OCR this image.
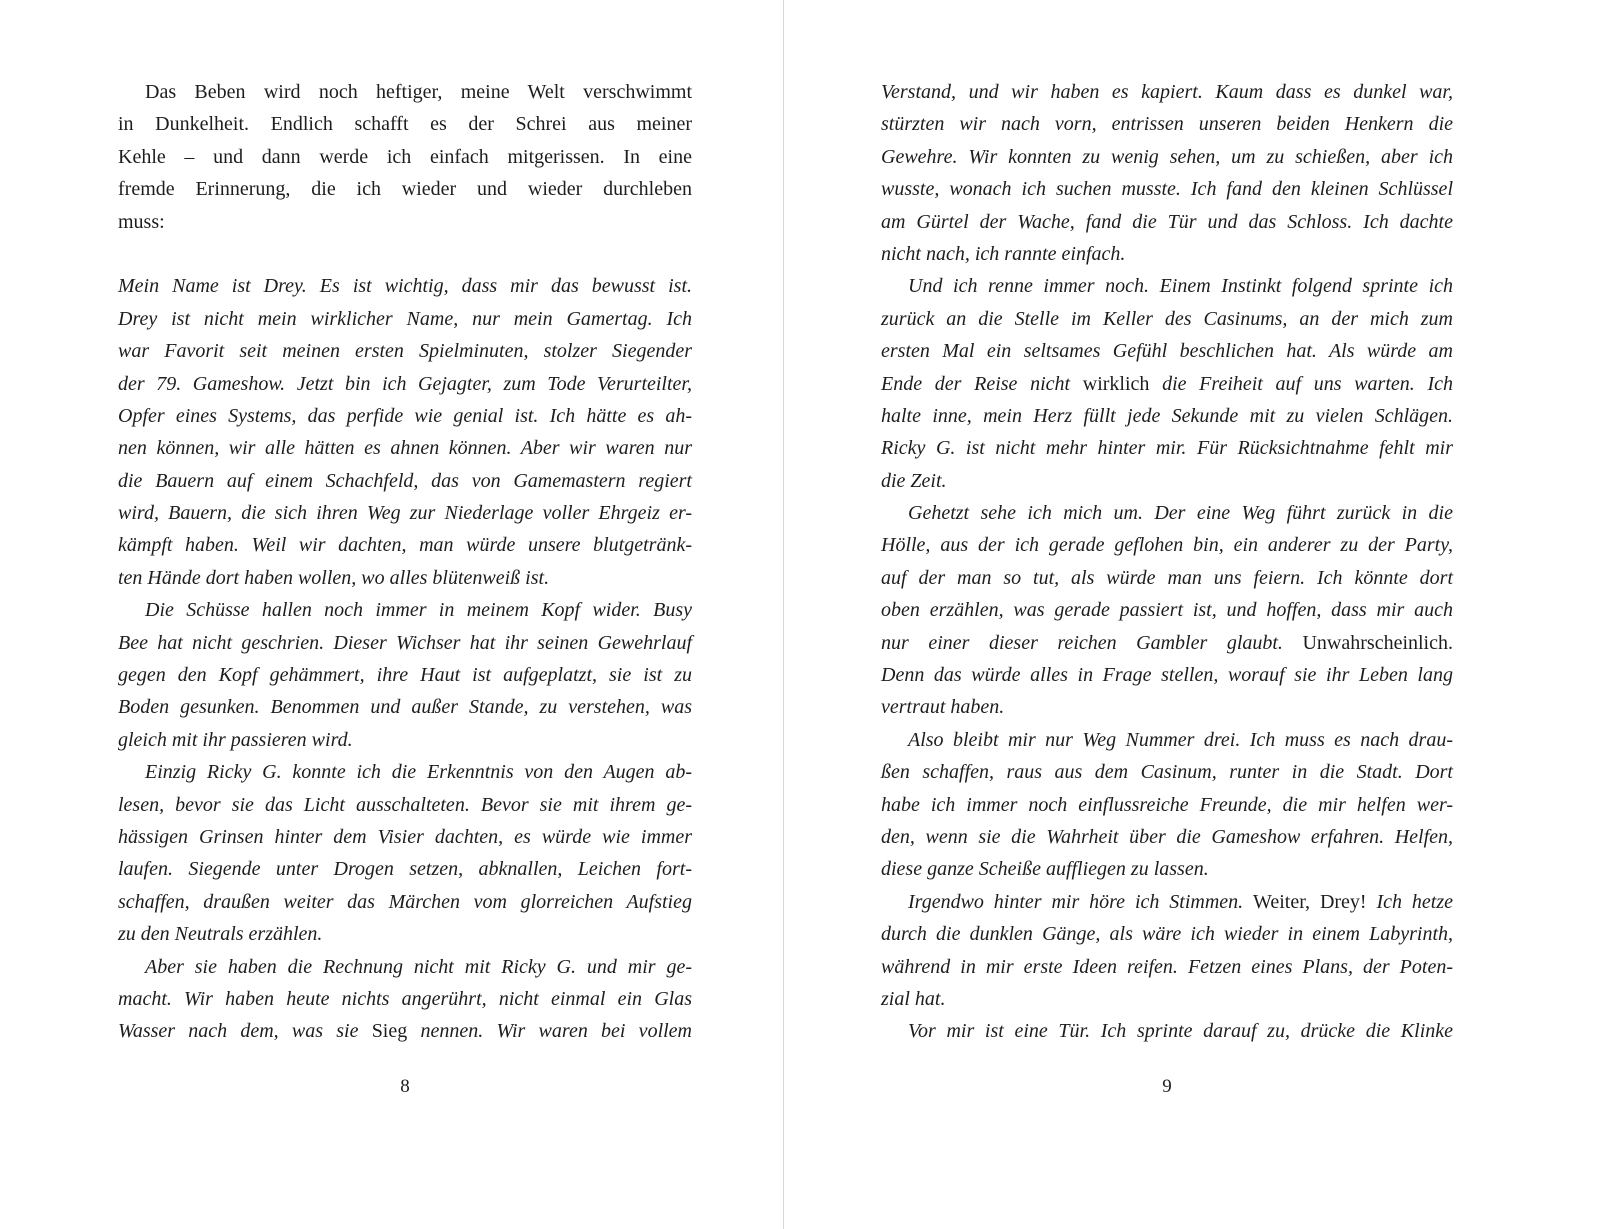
Das Beben wird noch heftiger, meine Welt verschwimmt
in Dunkelheit. Endlich schafft es der Schrei aus meiner
Kehle – und dann werde ich einfach mitgerissen. In eine
fremde Erinnerung, die ich wieder und wieder durchleben
muss:
Mein Name ist Drey. Es ist wichtig, dass mir das bewusst ist.
Drey ist nicht mein wirklicher Name, nur mein Gamertag. Ich
war Favorit seit meinen ersten Spielminuten, stolzer Siegender
der 79. Gameshow. Jetzt bin ich Gejagter, zum Tode Verurteilter,
Opfer eines Systems, das perfide wie genial ist. Ich hätte es ah-
nen können, wir alle hätten es ahnen können. Aber wir waren nur
die Bauern auf einem Schachfeld, das von Gamemastern regiert
wird, Bauern, die sich ihren Weg zur Niederlage voller Ehrgeiz er-
kämpft haben. Weil wir dachten, man würde unsere blutgetränk-
ten Hände dort haben wollen, wo alles blütenweiß ist.
Die Schüsse hallen noch immer in meinem Kopf wider. Busy
Bee hat nicht geschrien. Dieser Wichser hat ihr seinen Gewehrlauf
gegen den Kopf gehämmert, ihre Haut ist aufgeplatzt, sie ist zu
Boden gesunken. Benommen und außer Stande, zu verstehen, was
gleich mit ihr passieren wird.
Einzig Ricky G. konnte ich die Erkenntnis von den Augen ab-
lesen, bevor sie das Licht ausschalteten. Bevor sie mit ihrem ge-
hässigen Grinsen hinter dem Visier dachten, es würde wie immer
laufen. Siegende unter Drogen setzen, abknallen, Leichen fort-
schaffen, draußen weiter das Märchen vom glorreichen Aufstieg
zu den Neutrals erzählen.
Aber sie haben die Rechnung nicht mit Ricky G. und mir ge-
macht. Wir haben heute nichts angerührt, nicht einmal ein Glas
Wasser nach dem, was sie Sieg nennen. Wir waren bei vollem
8
Verstand, und wir haben es kapiert. Kaum dass es dunkel war,
stürzten wir nach vorn, entrissen unseren beiden Henkern die
Gewehre. Wir konnten zu wenig sehen, um zu schießen, aber ich
wusste, wonach ich suchen musste. Ich fand den kleinen Schlüssel
am Gürtel der Wache, fand die Tür und das Schloss. Ich dachte
nicht nach, ich rannte einfach.
Und ich renne immer noch. Einem Instinkt folgend sprinte ich
zurück an die Stelle im Keller des Casinums, an der mich zum
ersten Mal ein seltsames Gefühl beschlichen hat. Als würde am
Ende der Reise nicht wirklich die Freiheit auf uns warten. Ich
halte inne, mein Herz füllt jede Sekunde mit zu vielen Schlägen.
Ricky G. ist nicht mehr hinter mir. Für Rücksichtnahme fehlt mir
die Zeit.
Gehetzt sehe ich mich um. Der eine Weg führt zurück in die
Hölle, aus der ich gerade geflohen bin, ein anderer zu der Party,
auf der man so tut, als würde man uns feiern. Ich könnte dort
oben erzählen, was gerade passiert ist, und hoffen, dass mir auch
nur einer dieser reichen Gambler glaubt. Unwahrscheinlich.
Denn das würde alles in Frage stellen, worauf sie ihr Leben lang
vertraut haben.
Also bleibt mir nur Weg Nummer drei. Ich muss es nach drau-
ßen schaffen, raus aus dem Casinum, runter in die Stadt. Dort
habe ich immer noch einflussreiche Freunde, die mir helfen wer-
den, wenn sie die Wahrheit über die Gameshow erfahren. Helfen,
diese ganze Scheiße auffliegen zu lassen.
Irgendwo hinter mir höre ich Stimmen. Weiter, Drey! Ich hetze
durch die dunklen Gänge, als wäre ich wieder in einem Labyrinth,
während in mir erste Ideen reifen. Fetzen eines Plans, der Poten-
zial hat.
Vor mir ist eine Tür. Ich sprinte darauf zu, drücke die Klinke
9
